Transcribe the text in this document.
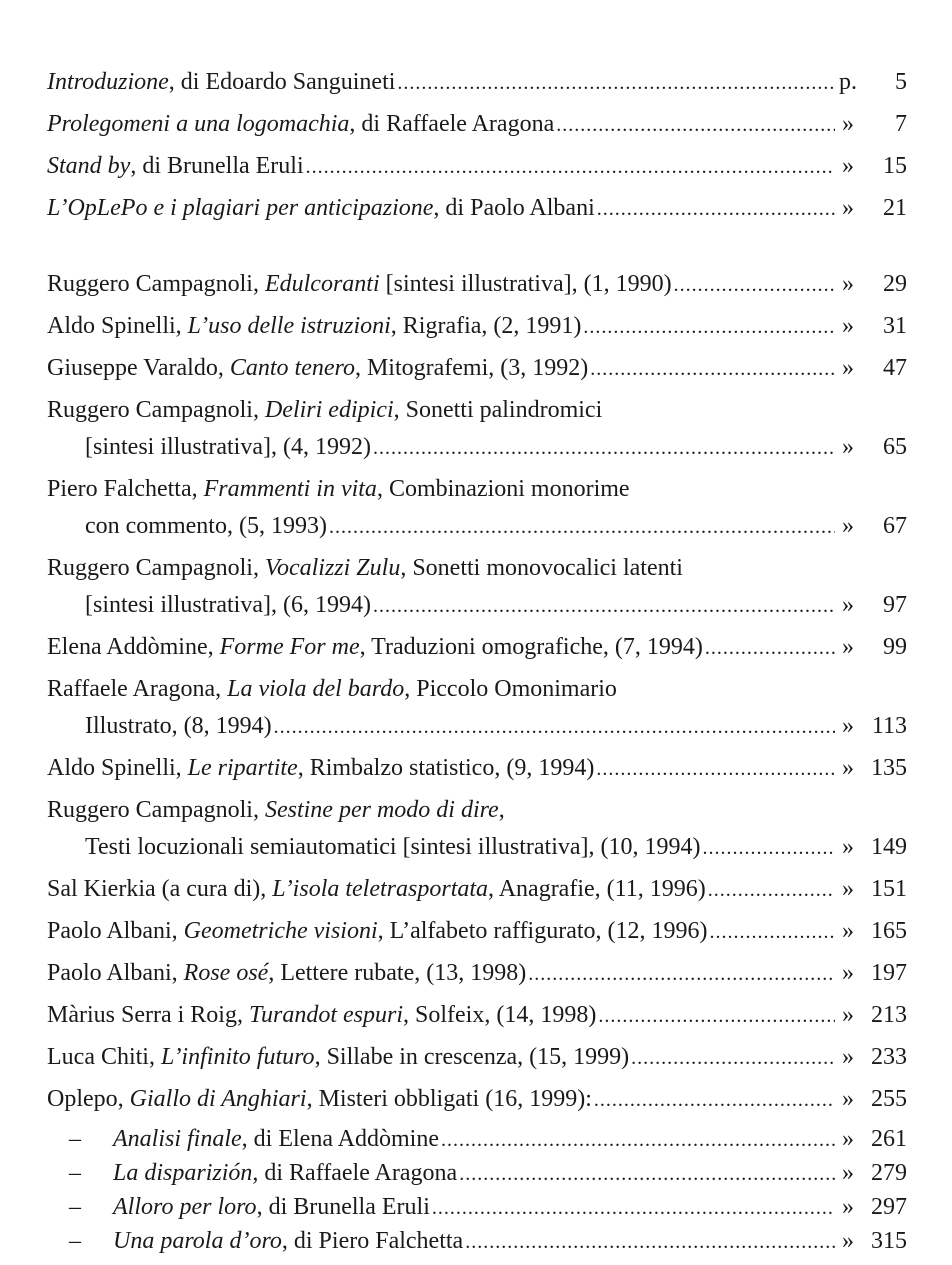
Introduzione, di Edoardo Sanguineti .....	p.	5
Prolegomeni a una logomachia, di Raffaele Aragona .....	»	7
Stand by, di Brunella Eruli .....	»	15
L’OpLePo e i plagiari per anticipazione, di Paolo Albani .....	»	21
Ruggero Campagnoli, Edulcoranti [sintesi illustrativa], (1, 1990) .....	»	29
Aldo Spinelli, L’uso delle istruzioni, Rigrafia, (2, 1991) .....	»	31
Giuseppe Varaldo, Canto tenero, Mitografemi, (3, 1992) .....	»	47
Ruggero Campagnoli, Deliri edipici, Sonetti palindromici
[sintesi illustrativa], (4, 1992) .....	»	65
Piero Falchetta, Frammenti in vita, Combinazioni monorime
con commento, (5, 1993) .....	»	67
Ruggero Campagnoli, Vocalizzi Zulu, Sonetti monovocalici latenti
[sintesi illustrativa], (6, 1994) .....	»	97
Elena Addòmine, Forme For me, Traduzioni omografiche, (7, 1994) .....	»	99
Raffaele Aragona, La viola del bardo, Piccolo Omonimario
Illustrato, (8, 1994) .....	» 113
Aldo Spinelli, Le ripartite, Rimbalzo statistico, (9, 1994) .....	» 135
Ruggero Campagnoli, Sestine per modo di dire,
Testi locuzionali semiautomatici [sintesi illustrativa], (10, 1994) .....	» 149
Sal Kierkia (a cura di), L’isola teletrasportata, Anagrafie, (11, 1996) .....	» 151
Paolo Albani, Geometriche visioni, L’alfabeto raffigurato, (12, 1996) .....	» 165
Paolo Albani, Rose osé, Lettere rubate, (13, 1998) .....	» 197
Màrius Serra i Roig, Turandot espuri, Solfeix, (14, 1998) .....	» 213
Luca Chiti, L’infinito futuro, Sillabe in crescenza, (15, 1999) .....	» 233
Oplepo, Giallo di Anghiari, Misteri obbligati (16, 1999): .....	» 255
–	Analisi finale, di Elena Addòmine .....	» 261
–	La disparizión, di Raffaele Aragona .....	» 279
–	Alloro per loro, di Brunella Eruli .....	» 297
–	Una parola d’oro, di Piero Falchetta .....	» 315
